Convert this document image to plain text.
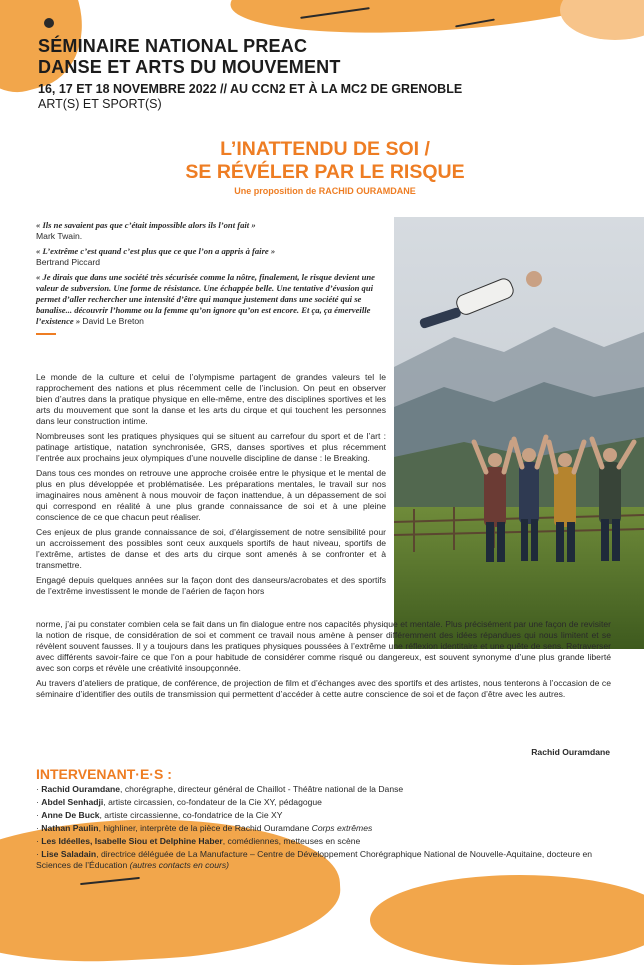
SÉMINAIRE NATIONAL PREAC
DANSE ET ARTS DU MOUVEMENT
16, 17 ET 18 NOVEMBRE 2022 // AU CCN2 ET À LA MC2 DE GRENOBLE
ART(S) ET SPORT(S)
L’INATTENDU DE SOI /
SE RÉVÉLER PAR LE RISQUE
Une proposition de RACHID OURAMDANE
« Ils ne savaient pas que c’était impossible alors ils l’ont fait »
Mark Twain.
« L’extrême c’est quand c’est plus que ce que l’on a appris à faire »
Bertrand Piccard
« Je dirais que dans une société très sécurisée comme la nôtre, finalement, le risque devient une valeur de subversion. Une forme de résistance. Une échappée belle. Une tentative d’évasion qui permet d’aller rechercher une intensité d’être qui manque justement dans une société qui se banalise... découvrir l’homme ou la femme qu’on ignore qu’on est encore. Et ça, ça émerveille l’existence » David Le Breton

Le monde de la culture et celui de l’olympisme partagent de grandes valeurs tel le rapprochement des nations et plus récemment celle de l’inclusion. On peut en observer bien d’autres dans la pratique physique en elle-même, entre des disciplines sportives et les arts du mouvement que sont la danse et les arts du cirque et qui touchent les personnes dans leur construction intime.

Nombreuses sont les pratiques physiques qui se situent au carrefour du sport et de l’art : patinage artistique, natation synchronisée, GRS, danses sportives et plus récemment l’entrée aux prochains jeux olympiques d’une nouvelle discipline de danse : le Breaking.

Dans tous ces mondes on retrouve une approche croisée entre le physique et le mental de plus en plus développée et problématisée. Les préparations mentales, le travail sur nos imaginaires nous amènent à nous mouvoir de façon inattendue, à un dépassement de soi qui correspond en réalité à une plus grande connaissance de soi et à une pleine conscience de ce que chacun peut réaliser.

Ces enjeux de plus grande connaissance de soi, d’élargissement de notre sensibilité pour un accroissement des possibles sont ceux auxquels sportifs de haut niveau, sportifs de l’extrême, artistes de danse et des arts du cirque sont amenés à se confronter et à transmettre.

Engagé depuis quelques années sur la façon dont des danseurs/acrobates et des sportifs de l’extrême investissent le monde de l’aérien de façon hors

norme, j’ai pu constater combien cela se fait dans un fin dialogue entre nos capacités physique et mentale. Plus précisément par une façon de revisiter la notion de risque, de considération de soi et comment ce travail nous amène à penser différemment des idées répandues qui nous limitent et se révèlent souvent fausses. Il y a toujours dans les pratiques physiques poussées à l’extrême une réflexion identitaire et une quête de sens. Retraverser avec différents savoir-faire ce que l’on a pour habitude de considérer comme risqué ou dangereux, est souvent synonyme d’une plus grande liberté avec son corps et révèle une créativité insoupçonnée.

Au travers d’ateliers de pratique, de conférence, de projection de film et d’échanges avec des sportifs et des artistes, nous tenterons à l’occasion de ce séminaire d’identifier des outils de transmission qui permettent d’accéder à cette autre conscience de soi et de façon d’être avec les autres.

Rachid Ouramdane
INTERVENANT·E·S :
· Rachid Ouramdane, chorégraphe, directeur général de Chaillot - Théâtre national de la Danse
· Abdel Senhadji, artiste circassien, co-fondateur de la Cie XY, pédagogue
· Anne De Buck, artiste circassienne, co-fondatrice de la Cie XY
· Nathan Paulin, highliner, interprète de la pièce de Rachid Ouramdane Corps extrêmes
· Les Idéelles, Isabelle Siou et Delphine Haber, comédiennes, metteuses en scène
· Lise Saladain, directrice déléguée de La Manufacture – Centre de Développement Chorégraphique National de Nouvelle-Aquitaine, docteure en Sciences de l’Éducation (autres contacts en cours)
